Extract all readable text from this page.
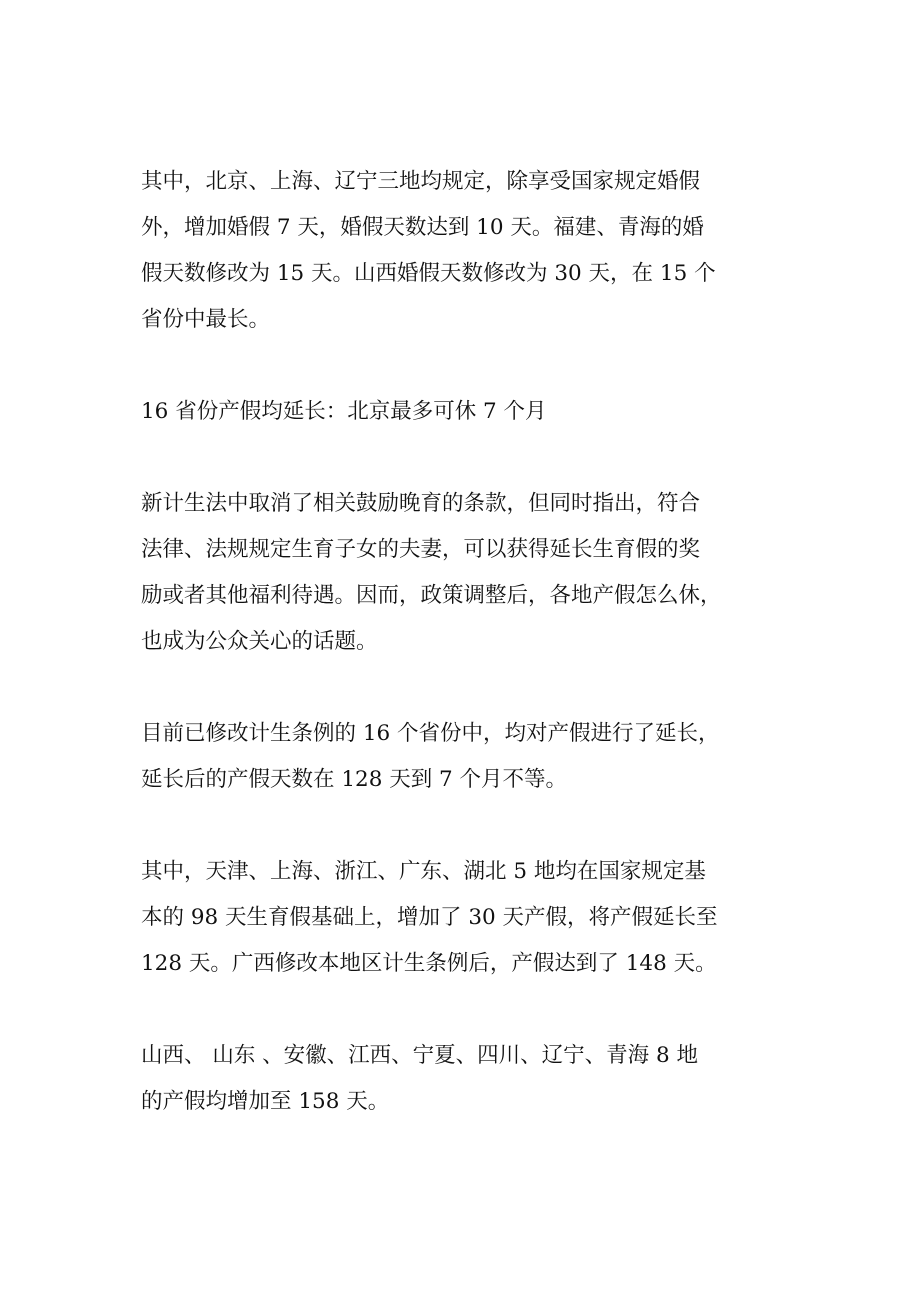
其中，北京、上海、辽宁三地均规定，除享受国家规定婚假
外，增加婚假 7 天，婚假天数达到 10 天。福建、青海的婚
假天数修改为 15 天。山西婚假天数修改为 30 天，在 15 个
省份中最长。

16 省份产假均延长：北京最多可休 7 个月

新计生法中取消了相关鼓励晚育的条款，但同时指出，符合
法律、法规规定生育子女的夫妻，可以获得延长生育假的奖
励或者其他福利待遇。因而，政策调整后，各地产假怎么休，
也成为公众关心的话题。

目前已修改计生条例的 16 个省份中，均对产假进行了延长，
延长后的产假天数在 128 天到 7 个月不等。

其中，天津、上海、浙江、广东、湖北 5 地均在国家规定基
本的 98 天生育假基础上，增加了 30 天产假，将产假延长至
128 天。广西修改本地区计生条例后，产假达到了 148 天。

山西、 山东 、安徽、江西、宁夏、四川、辽宁、青海 8 地
的产假均增加至 158 天。
